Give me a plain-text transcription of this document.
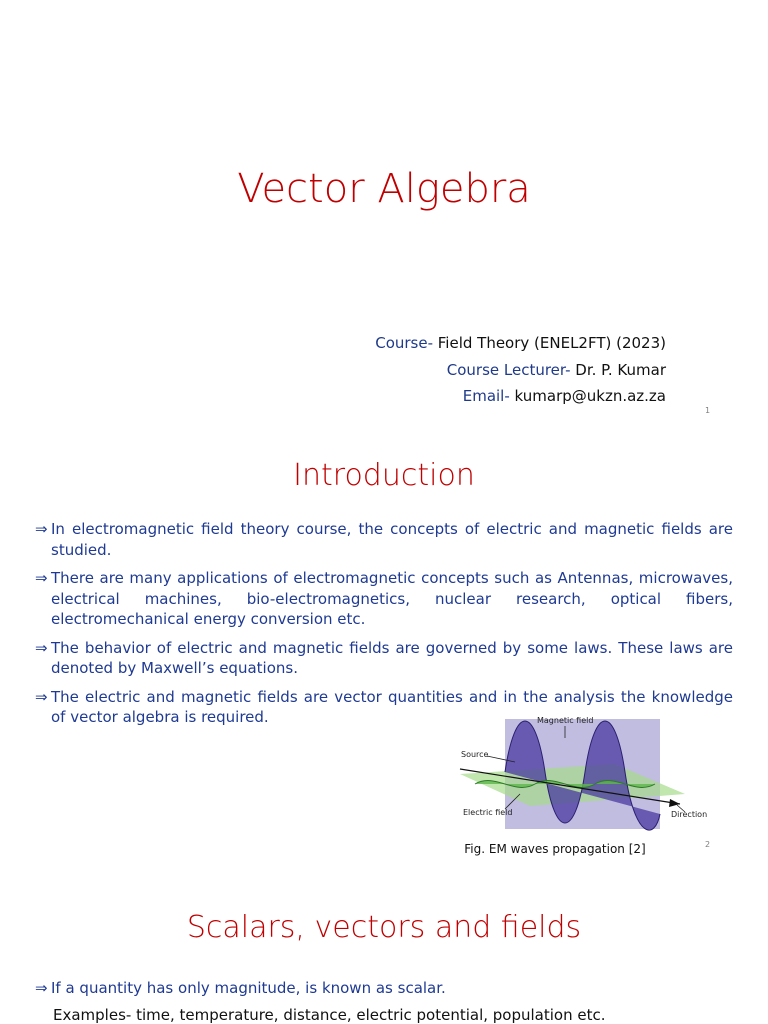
Vector Algebra
Course- Field Theory (ENEL2FT) (2023)
Course Lecturer- Dr. P. Kumar
Email- kumarp@ukzn.az.za
1
Introduction
⇒ In electromagnetic field theory course, the concepts of electric and magnetic fields are studied.
⇒ There are many applications of electromagnetic concepts such as Antennas, microwaves, electrical machines, bio-electromagnetics, nuclear research, optical fibers, electromechanical energy conversion etc.
⇒ The behavior of electric and magnetic fields are governed by some laws. These laws are denoted by Maxwell’s equations.
⇒ The electric and magnetic fields are vector quantities and in the analysis the knowledge of vector algebra is required.	Magnetic field
Source
Electric field	Direction
Fig. EM waves propagation [2]	2
Scalars, vectors and fields
⇒ If a quantity has only magnitude, is known as scalar.
Examples- time, temperature, distance, electric potential, population etc.
